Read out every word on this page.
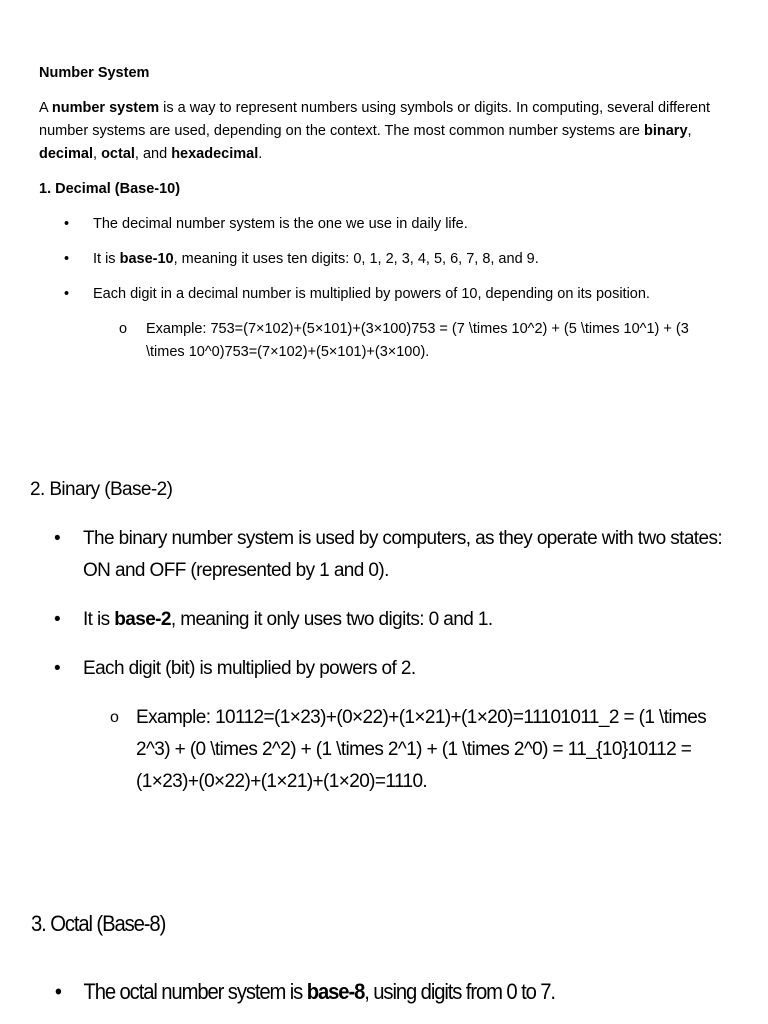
Number System

A number system is a way to represent numbers using symbols or digits. In computing, several different number systems are used, depending on the context. The most common number systems are binary, decimal, octal, and hexadecimal.

1. Decimal (Base-10)

• The decimal number system is the one we use in daily life.
• It is base-10, meaning it uses ten digits: 0, 1, 2, 3, 4, 5, 6, 7, 8, and 9.
• Each digit in a decimal number is multiplied by powers of 10, depending on its position.
o Example: 753=(7×102)+(5×101)+(3×100)753 = (7 \times 10^2) + (5 \times 10^1) + (3 \times 10^0)753=(7×102)+(5×101)+(3×100).

2. Binary (Base-2)

• The binary number system is used by computers, as they operate with two states: ON and OFF (represented by 1 and 0).
• It is base-2, meaning it only uses two digits: 0 and 1.
• Each digit (bit) is multiplied by powers of 2.
o Example: 10112=(1×23)+(0×22)+(1×21)+(1×20)=11101011_2 = (1 \times 2^3) + (0 \times 2^2) + (1 \times 2^1) + (1 \times 2^0) = 11_{10}10112 =(1×23)+(0×22)+(1×21)+(1×20)=1110.

3. Octal (Base-8)

• The octal number system is base-8, using digits from 0 to 7.
